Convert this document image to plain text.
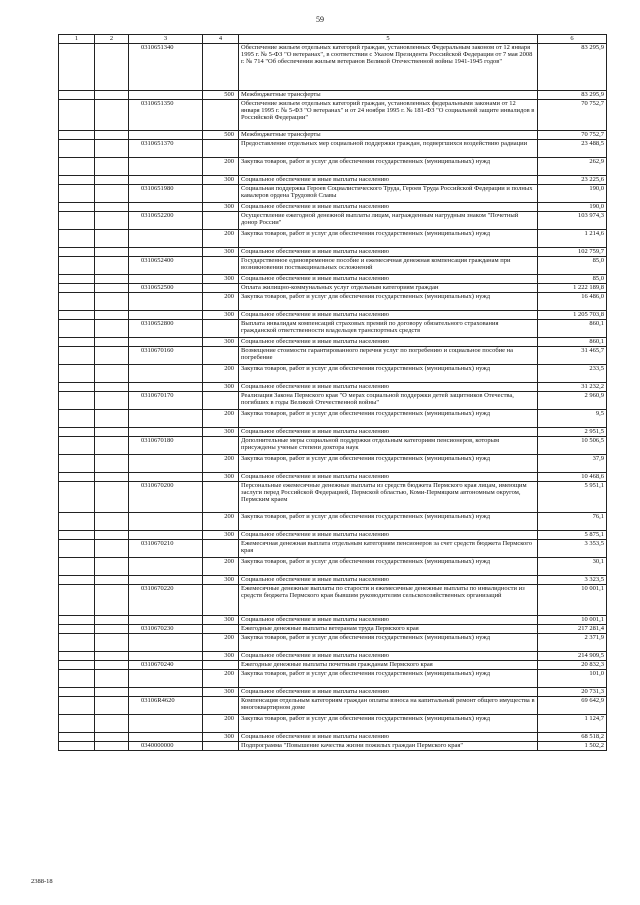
59
1	2	3	4	5	6
		0310651340		Обеспечение жильем отдельных категорий граждан, установленных Федеральным законом от 12 января 1995 г. № 5-ФЗ "О ветеранах", в соответствии с Указом Президента Российской Федерации от 7 мая 2008 г. № 714 "Об обеспечении жильем ветеранов Великой Отечественной войны 1941-1945 годов"	83 295,9
			500	Межбюджетные трансферты	83 295,9
		0310651350		Обеспечение жильем отдельных категорий граждан, установленных федеральными законами от 12 января 1995 г. № 5-ФЗ "О ветеранах" и от 24 ноября 1995 г. № 181-ФЗ "О социальной защите инвалидов в Российской Федерации"	70 752,7
			500	Межбюджетные трансферты	70 752,7
		0310651370		Предоставление отдельных мер социальной поддержки граждан, подвергшихся воздействию радиации	23 488,5
			200	Закупка товаров, работ и услуг для обеспечения государственных (муниципальных) нужд	262,9
			300	Социальное обеспечение и иные выплаты населению	23 225,6
		0310651980		Социальная поддержка Героев Социалистического Труда, Героев Труда Российской Федерации и полных кавалеров ордена Трудовой Славы	190,0
			300	Социальное обеспечение и иные выплаты населению	190,0
		0310652200		Осуществление ежегодной денежной выплаты лицам, награжденным нагрудным знаком "Почетный донор России"	103 974,3
			200	Закупка товаров, работ и услуг для обеспечения государственных (муниципальных) нужд	1 214,6
			300	Социальное обеспечение и иные выплаты населению	102 759,7
		0310652400		Государственное единовременное пособие и ежемесячная денежная компенсация гражданам при возникновении поствакцинальных осложнений	85,0
			300	Социальное обеспечение и иные выплаты населению	85,0
		0310652500		Оплата жилищно-коммунальных услуг отдельным категориям граждан	1 222 189,8
			200	Закупка товаров, работ и услуг для обеспечения государственных (муниципальных) нужд	16 486,0
			300	Социальное обеспечение и иные выплаты населению	1 205 703,8
		0310652800		Выплата инвалидам компенсаций страховых премий по договору обязательного страхования гражданской ответственности владельцев транспортных средств	860,1
			300	Социальное обеспечение и иные выплаты населению	860,1
		0310670160		Возмещение стоимости гарантированного перечня услуг по погребению и социальное пособие на погребение	31 465,7
			200	Закупка товаров, работ и услуг для обеспечения государственных (муниципальных) нужд	233,5
			300	Социальное обеспечение и иные выплаты населению	31 232,2
		0310670170		Реализация Закона Пермского края "О мерах социальной поддержки детей защитников Отечества, погибших в годы Великой Отечественной войны"	2 960,9
			200	Закупка товаров, работ и услуг для обеспечения государственных (муниципальных) нужд	9,5
			300	Социальное обеспечение и иные выплаты населению	2 951,5
		0310670180		Дополнительные меры социальной поддержки отдельным категориям пенсионеров, которым присуждены ученые степени доктора наук	10 506,5
			200	Закупка товаров, работ и услуг для обеспечения государственных (муниципальных) нужд	37,9
			300	Социальное обеспечение и иные выплаты населению	10 468,6
		0310670200		Персональные ежемесячные денежные выплаты из средств бюджета Пермского края лицам, имеющим заслуги перед Российской Федерацией, Пермской областью, Коми-Пермяцким автономным округом, Пермским краем	5 951,1
			200	Закупка товаров, работ и услуг для обеспечения государственных (муниципальных) нужд	76,1
			300	Социальное обеспечение и иные выплаты населению	5 875,1
		0310670210		Ежемесячная денежная выплата отдельным категориям пенсионеров за счет средств бюджета Пермского края	3 353,5
			200	Закупка товаров, работ и услуг для обеспечения государственных (муниципальных) нужд	30,1
			300	Социальное обеспечение и иные выплаты населению	3 323,5
		0310670220		Ежемесячные денежные выплаты по старости и ежемесячные денежные выплаты по инвалидности из средств бюджета Пермского края бывшим руководителям сельскохозяйственных организаций	10 001,1
			300	Социальное обеспечение и иные выплаты населению	10 001,1
		0310670230		Ежегодные денежные выплаты ветеранам труда Пермского края	217 281,4
			200	Закупка товаров, работ и услуг для обеспечения государственных (муниципальных) нужд	2 371,9
			300	Социальное обеспечение и иные выплаты населению	214 909,5
		0310670240		Ежегодные денежные выплаты почетным гражданам Пермского края	20 832,3
			200	Закупка товаров, работ и услуг для обеспечения государственных (муниципальных) нужд	101,0
			300	Социальное обеспечение и иные выплаты населению	20 731,3
		03106R4620		Компенсация отдельным категориям граждан оплаты взноса на капитальный ремонт общего имущества в многоквартирном доме	69 642,9
			200	Закупка товаров, работ и услуг для обеспечения государственных (муниципальных) нужд	1 124,7
			300	Социальное обеспечение и иные выплаты населению	68 518,2
		0340000000		Подпрограмма "Повышение качества жизни пожилых граждан Пермского края"	1 502,2
2388-18
